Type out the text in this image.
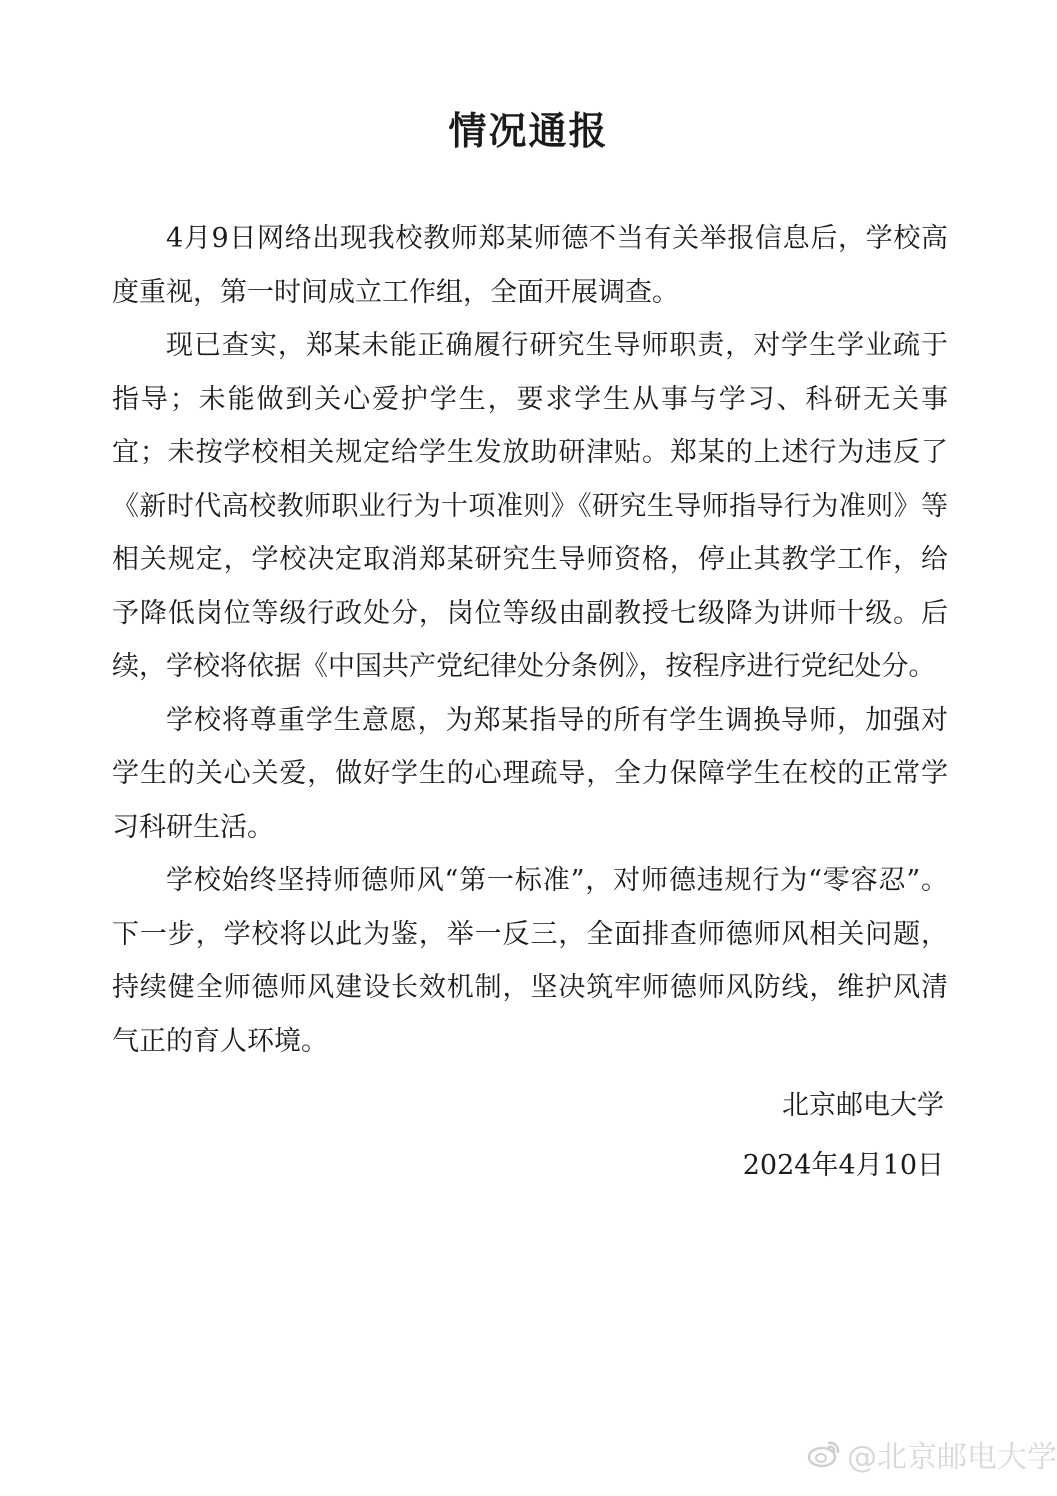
情况通报

4月9日网络出现我校教师郑某师德不当有关举报信息后，学校高度重视，第一时间成立工作组，全面开展调查。

现已查实，郑某未能正确履行研究生导师职责，对学生学业疏于指导；未能做到关心爱护学生，要求学生从事与学习、科研无关事宜；未按学校相关规定给学生发放助研津贴。郑某的上述行为违反了《新时代高校教师职业行为十项准则》《研究生导师指导行为准则》等相关规定，学校决定取消郑某研究生导师资格，停止其教学工作，给予降低岗位等级行政处分，岗位等级由副教授七级降为讲师十级。后续，学校将依据《中国共产党纪律处分条例》，按程序进行党纪处分。

学校将尊重学生意愿，为郑某指导的所有学生调换导师，加强对学生的关心关爱，做好学生的心理疏导，全力保障学生在校的正常学习科研生活。

学校始终坚持师德师风“第一标准”，对师德违规行为“零容忍”。下一步，学校将以此为鉴，举一反三，全面排查师德师风相关问题，持续健全师德师风建设长效机制，坚决筑牢师德师风防线，维护风清气正的育人环境。

北京邮电大学
2024年4月10日
@北京邮电大学
